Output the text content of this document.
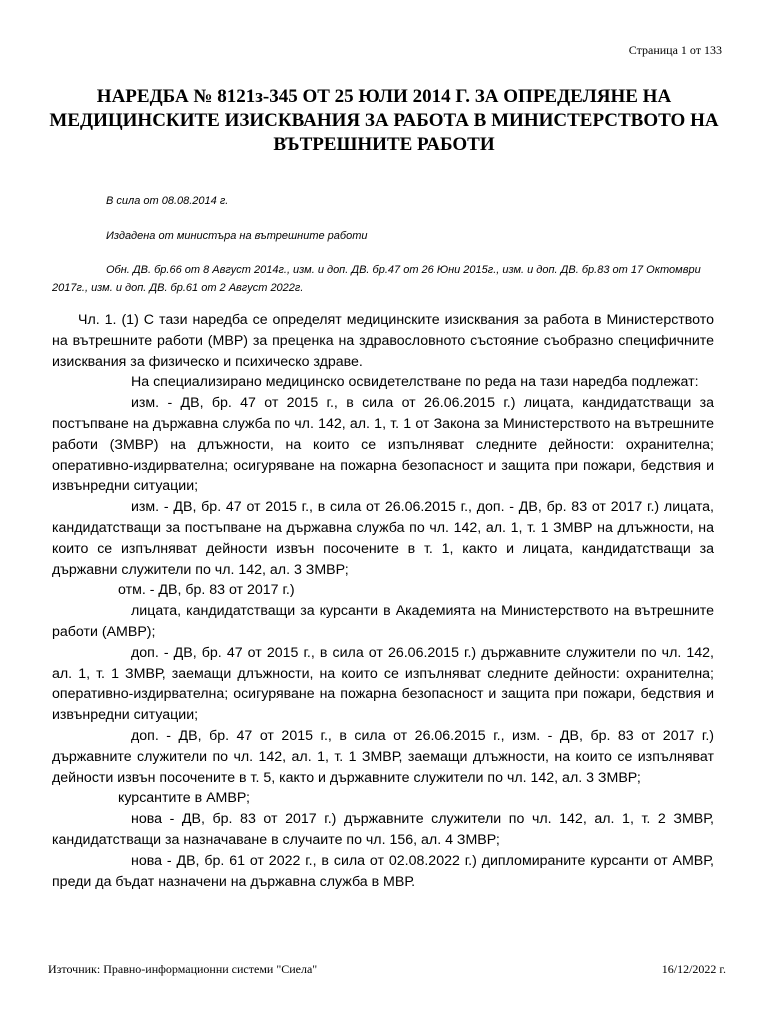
Страница 1 от 133
НАРЕДБА № 8121з-345 ОТ 25 ЮЛИ 2014 Г. ЗА ОПРЕДЕЛЯНЕ НА МЕДИЦИНСКИТЕ ИЗИСКВАНИЯ ЗА РАБОТА В МИНИСТЕРСТВОТО НА ВЪТРЕШНИТЕ РАБОТИ
В сила от 08.08.2014 г.
Издадена от министъра на вътрешните работи
Обн. ДВ. бр.66 от 8 Август 2014г., изм. и доп. ДВ. бр.47 от 26 Юни 2015г., изм. и доп. ДВ. бр.83 от 17 Октомври 2017г., изм. и доп. ДВ. бр.61 от 2 Август 2022г.

Чл. 1. (1) С тази наредба се определят медицинските изисквания за работа в Министерството на вътрешните работи (МВР) за преценка на здравословното състояние съобразно специфичните изисквания за физическо и психическо здраве.

На специализирано медицинско освидетелстване по реда на тази наредба подлежат:

изм. - ДВ, бр. 47 от 2015 г., в сила от 26.06.2015 г.) лицата, кандидатстващи за постъпване на държавна служба по чл. 142, ал. 1, т. 1 от Закона за Министерството на вътрешните работи (ЗМВР) на длъжности, на които се изпълняват следните дейности: охранителна; оперативно-издирвателна; осигуряване на пожарна безопасност и защита при пожари, бедствия и извънредни ситуации;

изм. - ДВ, бр. 47 от 2015 г., в сила от 26.06.2015 г., доп. - ДВ, бр. 83 от 2017 г.) лицата, кандидатстващи за постъпване на държавна служба по чл. 142, ал. 1, т. 1 ЗМВР на длъжности, на които се изпълняват дейности извън посочените в т. 1, както и лицата, кандидатстващи за държавни служители по чл. 142, ал. 3 ЗМВР;

отм. - ДВ, бр. 83 от 2017 г.)

лицата, кандидатстващи за курсанти в Академията на Министерството на вътрешните работи (АМВР);

доп. - ДВ, бр. 47 от 2015 г., в сила от 26.06.2015 г.) държавните служители по чл. 142, ал. 1, т. 1 ЗМВР, заемащи длъжности, на които се изпълняват следните дейности: охранителна; оперативно-издирвателна; осигуряване на пожарна безопасност и защита при пожари, бедствия и извънредни ситуации;

доп. - ДВ, бр. 47 от 2015 г., в сила от 26.06.2015 г., изм. - ДВ, бр. 83 от 2017 г.) държавните служители по чл. 142, ал. 1, т. 1 ЗМВР, заемащи длъжности, на които се изпълняват дейности извън посочените в т. 5, както и държавните служители по чл. 142, ал. 3 ЗМВР;

курсантите в АМВР;

нова - ДВ, бр. 83 от 2017 г.) държавните служители по чл. 142, ал. 1, т. 2 ЗМВР, кандидатстващи за назначаване в случаите по чл. 156, ал. 4 ЗМВР;

нова - ДВ, бр. 61 от 2022 г., в сила от 02.08.2022 г.) дипломираните курсанти от АМВР, преди да бъдат назначени на държавна служба в МВР.

Източник: Правно-информационни системи "Сиела"	16/12/2022 г.
